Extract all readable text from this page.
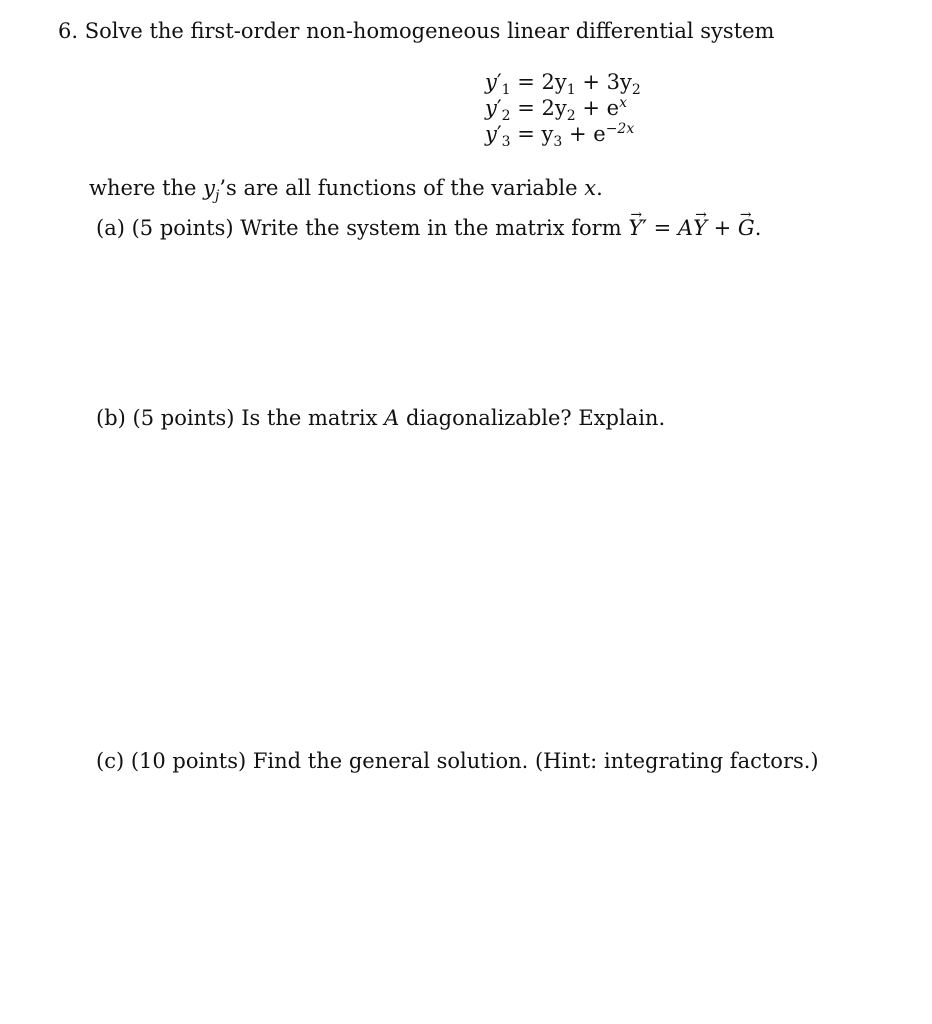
6. Solve the first-order non-homogeneous linear differential system
$y'_1 = 2y_1 + 3y_2$
$y'_2 = 2y_2 + e^x$
$y'_3 = y_3 + e^{-2x}$
where the $y_j’s$ are all functions of the variable x.
(a) (5 points) Write the system in the matrix form → Y′ = A→ Y + → G.
(b) (5 points) Is the matrix A diagonalizable? Explain.
(c) (10 points) Find the general solution. (Hint: integrating factors.)
